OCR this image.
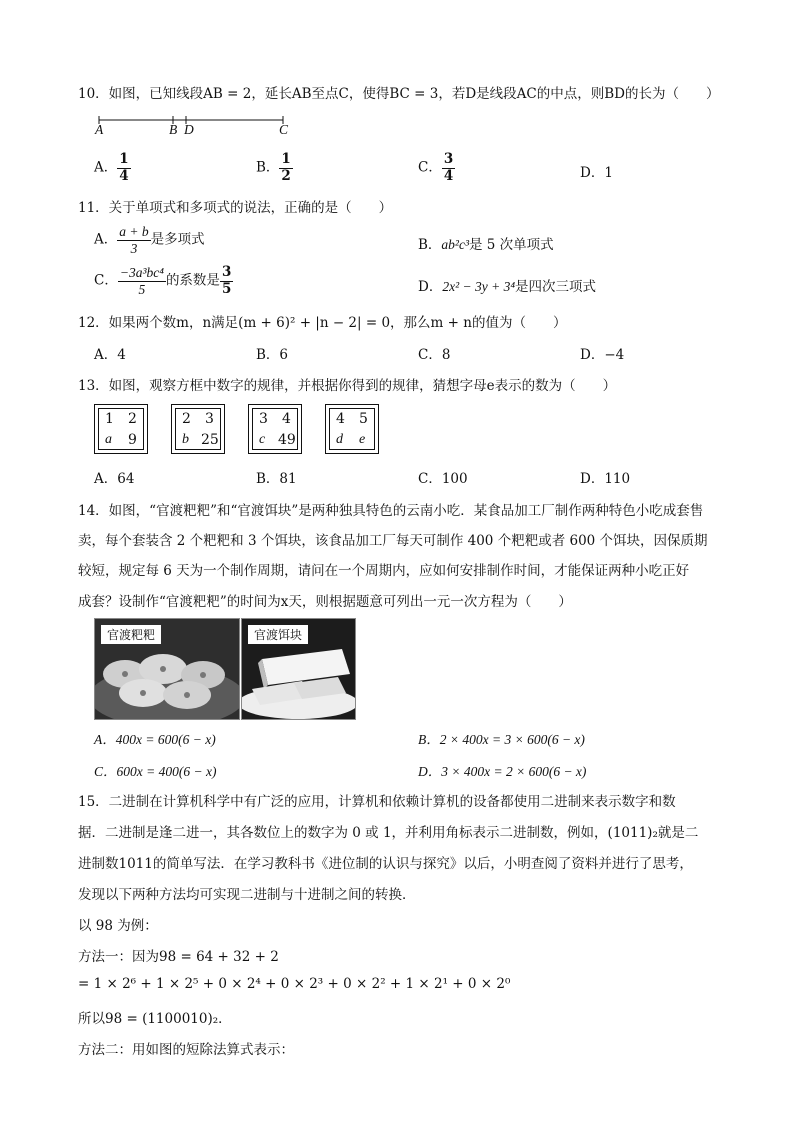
10．如图，已知线段AB = 2，延长AB至点C，使得BC = 3，若D是线段AC的中点，则BD的长为（　　）
A	B D	C
A． $\frac{1}{4}$	B． $\frac{1}{2}$	C． $\frac{3}{4}$	D．1
11．关于单项式和多项式的说法，正确的是（　　）
A． $\frac{a + b}{3}$ 是多项式	B．ab²c³是 5 次单项式
C． $\frac{\text{−3a³bc⁴}}{5}$ 的系数是 $\frac{3}{5}$	D．2x² − 3y + 3⁴是四次三项式
12．如果两个数m，n满足(m + 6)² + |n − 2| = 0，那么m + n的值为（　　）
A．4	B．6	C．8	D．−4
13．如图，观察方框中数字的规律，并根据你得到的规律，猜想字母e表示的数为（　　）
1 2
a 9
2 3
b 25
3 4
c 49
4 5
d e
A．64	B．81	C．100	D．110
14．如图，“官渡粑粑”和“官渡饵块”是两种独具特色的云南小吃．某食品加工厂制作两种特色小吃成套售
卖，每个套装含 2 个粑粑和 3 个饵块，该食品加工厂每天可制作 400 个粑粑或者 600 个饵块，因保质期
较短，规定每 6 天为一个制作周期，请问在一个周期内，应如何安排制作时间，才能保证两种小吃正好
成套？设制作“官渡粑粑”的时间为x天，则根据题意可列出一元一次方程为（　　）
官渡粑粑	官渡饵块
A．400x = 600(6 − x)	B．2 × 400x = 3 × 600(6 − x)
C．600x = 400(6 − x)	D．3 × 400x = 2 × 600(6 − x)
15．二进制在计算机科学中有广泛的应用，计算机和依赖计算机的设备都使用二进制来表示数字和数
据．二进制是逢二进一，其各数位上的数字为 0 或 1，并利用角标表示二进制数，例如，(1011)₂就是二
进制数1011的简单写法．在学习教科书《进位制的认识与探究》以后，小明查阅了资料并进行了思考，
发现以下两种方法均可实现二进制与十进制之间的转换．
以 98 为例：
方法一：因为98 = 64 + 32 + 2
= 1 × 2⁶ + 1 × 2⁵ + 0 × 2⁴ + 0 × 2³ + 0 × 2² + 1 × 2¹ + 0 × 2⁰
所以98 = (1100010)₂．
方法二：用如图的短除法算式表示：
